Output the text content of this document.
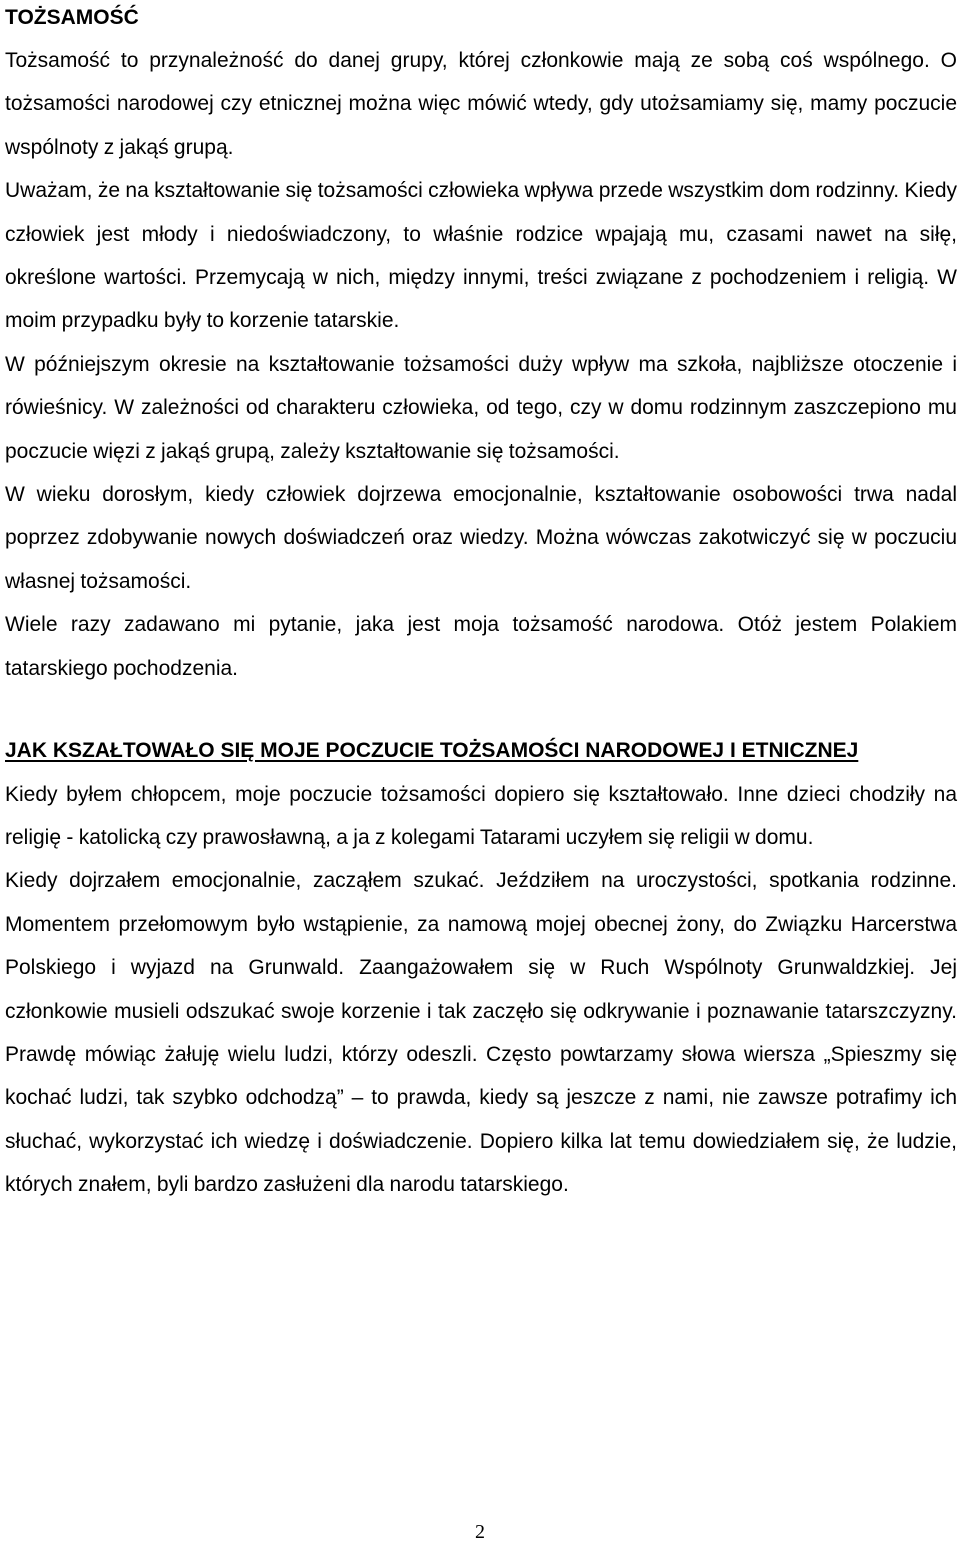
TOŻSAMOŚĆ

Tożsamość to przynależność do danej grupy, której członkowie mają ze sobą coś wspólnego. O tożsamości narodowej czy etnicznej można więc mówić wtedy, gdy utożsamiamy się, mamy poczucie wspólnoty z jakąś grupą.

Uważam, że na kształtowanie się tożsamości człowieka wpływa przede wszystkim dom rodzinny. Kiedy człowiek jest młody i niedoświadczony, to właśnie rodzice wpajają mu, czasami nawet na siłę, określone wartości. Przemycają w nich, między innymi, treści związane z pochodzeniem i religią. W moim przypadku były to korzenie tatarskie.

W późniejszym okresie na kształtowanie tożsamości duży wpływ ma szkoła, najbliższe otoczenie i rówieśnicy. W zależności od charakteru człowieka, od tego, czy w domu rodzinnym zaszczepiono mu poczucie więzi z jakąś grupą, zależy kształtowanie się tożsamości.

W wieku dorosłym, kiedy człowiek dojrzewa emocjonalnie, kształtowanie osobowości trwa nadal poprzez zdobywanie nowych doświadczeń oraz wiedzy. Można wówczas zakotwiczyć się w poczuciu własnej tożsamości.

Wiele razy zadawano mi pytanie, jaka jest moja tożsamość narodowa. Otóż jestem Polakiem tatarskiego pochodzenia.

JAK KSZAŁTOWAŁO SIĘ MOJE POCZUCIE TOŻSAMOŚCI NARODOWEJ I ETNICZNEJ

Kiedy byłem chłopcem, moje poczucie tożsamości dopiero się kształtowało. Inne dzieci chodziły na religię - katolicką czy prawosławną, a ja z kolegami Tatarami uczyłem się religii w domu.

Kiedy dojrzałem emocjonalnie, zacząłem szukać. Jeździłem na uroczystości, spotkania rodzinne. Momentem przełomowym było wstąpienie, za namową mojej obecnej żony, do Związku Harcerstwa Polskiego i wyjazd na Grunwald. Zaangażowałem się w Ruch Wspólnoty Grunwaldzkiej. Jej członkowie musieli odszukać swoje korzenie i tak zaczęło się odkrywanie i poznawanie tatarszczyzny. Prawdę mówiąc żałuję wielu ludzi, którzy odeszli. Często powtarzamy słowa wiersza „Spieszmy się kochać ludzi, tak szybko odchodzą” – to prawda, kiedy są jeszcze z nami, nie zawsze potrafimy ich słuchać, wykorzystać ich wiedzę i doświadczenie. Dopiero kilka lat temu dowiedziałem się, że ludzie, których znałem, byli bardzo zasłużeni dla narodu tatarskiego.

2
